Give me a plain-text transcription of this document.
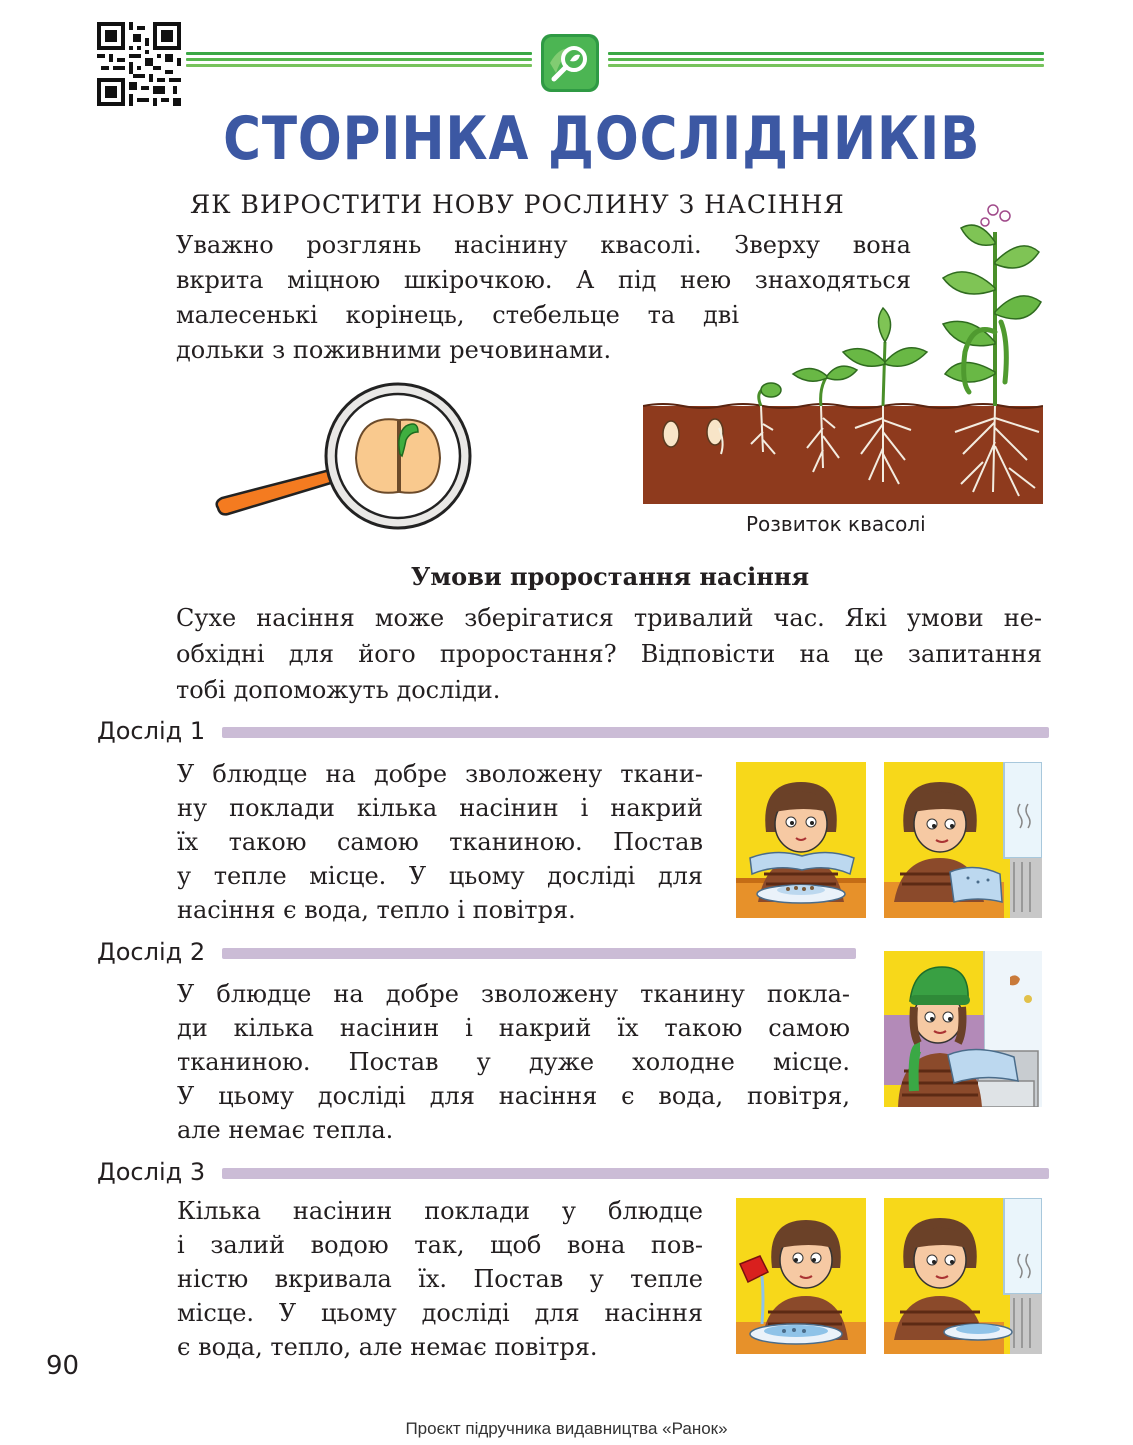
СТОРІНКА ДОСЛІДНИКІВ
ЯК ВИРОСТИТИ НОВУ РОСЛИНУ З НАСІННЯ
Уважно розглянь насінину квасолі. Зверху вона
вкрита міцною шкірочкою. А під нею знаходяться
малесенькі корінець, стебельце та дві
дольки з поживними речовинами.
Розвиток квасолі
Умови проростання насіння
Сухе насіння може зберігатися тривалий час. Які умови не-
обхідні для його проростання? Відповісти на це запитання
тобі допоможуть досліди.
Дослід 1
У блюдце на добре зволожену ткани-
ну поклади кілька насінин і накрий
їх такою самою тканиною. Постав
у тепле місце. У цьому досліді для
насіння є вода, тепло і повітря.
Дослід 2
У блюдце на добре зволожену тканину покла-
ди кілька насінин і накрий їх такою самою
тканиною. Постав у дуже холодне місце.
У цьому досліді для насіння є вода, повітря,
але немає тепла.
Дослід 3
Кілька насінин поклади у блюдце
і залий водою так, щоб вона пов-
ністю вкривала їх. Постав у тепле
місце. У цьому досліді для насіння
є вода, тепло, але немає повітря.
90
Проєкт підручника видавництва «Ранок»
